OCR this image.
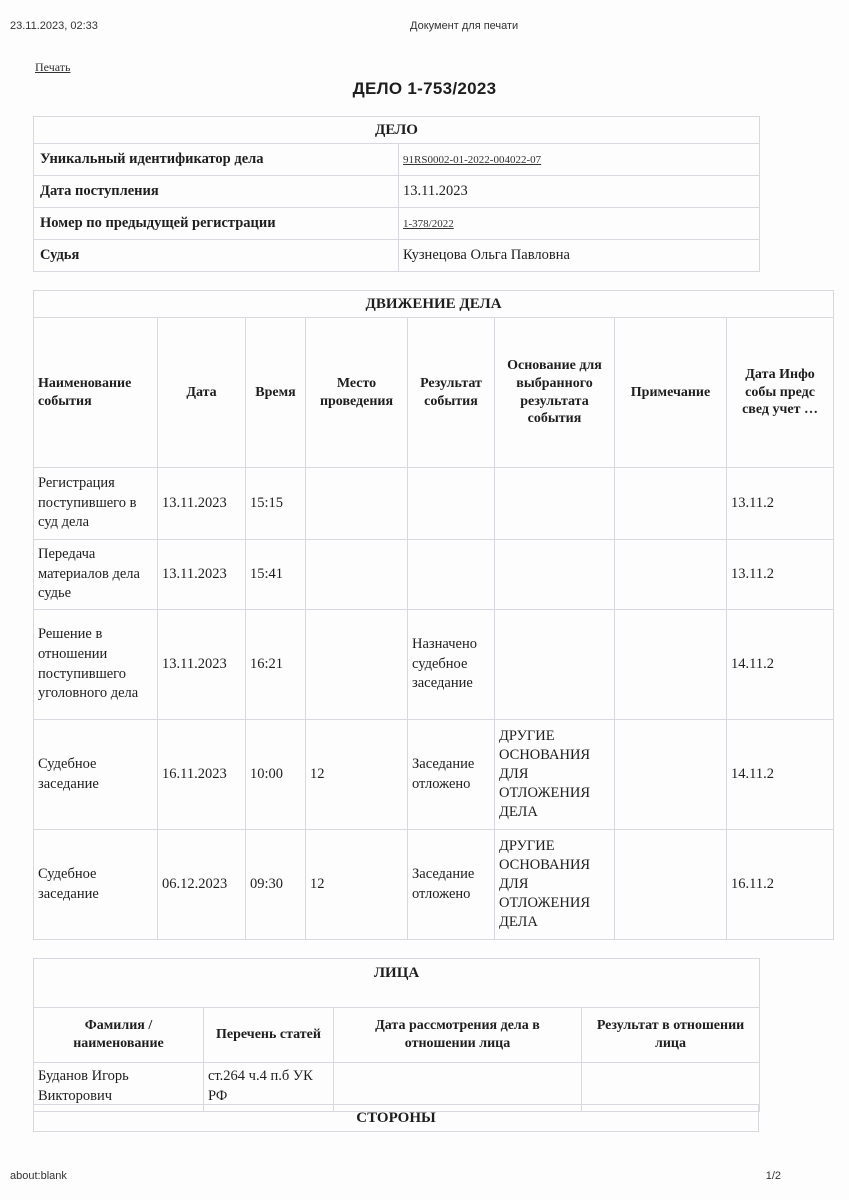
23.11.2023, 02:33	Документ для печати
Печать
ДЕЛО 1-753/2023
ДЕЛО	
Уникальный идентификатор дела	91RS0002-01-2022-004022-07
Дата поступления	13.11.2023
Номер по предыдущей регистрации	1-378/2022
Судья	Кузнецова Ольга Павловна
ДВИЖЕНИЕ ДЕЛА							
Наименование события	Дата	Время	Место проведения	Результат события	Основание для выбранного результата события	Примечание	Дата Инфо собы предс свед учет …
Регистрация поступившего в суд дела	13.11.2023	15:15					13.11.2
Передача материалов дела судье	13.11.2023	15:41					13.11.2
Решение в отношении поступившего уголовного дела	13.11.2023	16:21		Назначено судебное заседание			14.11.2
Судебное заседание	16.11.2023	10:00	12	Заседание отложено	ДРУГИЕ ОСНОВАНИЯ ДЛЯ ОТЛОЖЕНИЯ ДЕЛА		14.11.2
Судебное заседание	06.12.2023	09:30	12	Заседание отложено	ДРУГИЕ ОСНОВАНИЯ ДЛЯ ОТЛОЖЕНИЯ ДЕЛА		16.11.2
ЛИЦА			
Фамилия / наименование	Перечень статей	Дата рассмотрения дела в отношении лица	Результат в отношении лица
Буданов Игорь Викторович	ст.264 ч.4 п.б УК РФ		
СТОРОНЫ
about:blank	1/2
